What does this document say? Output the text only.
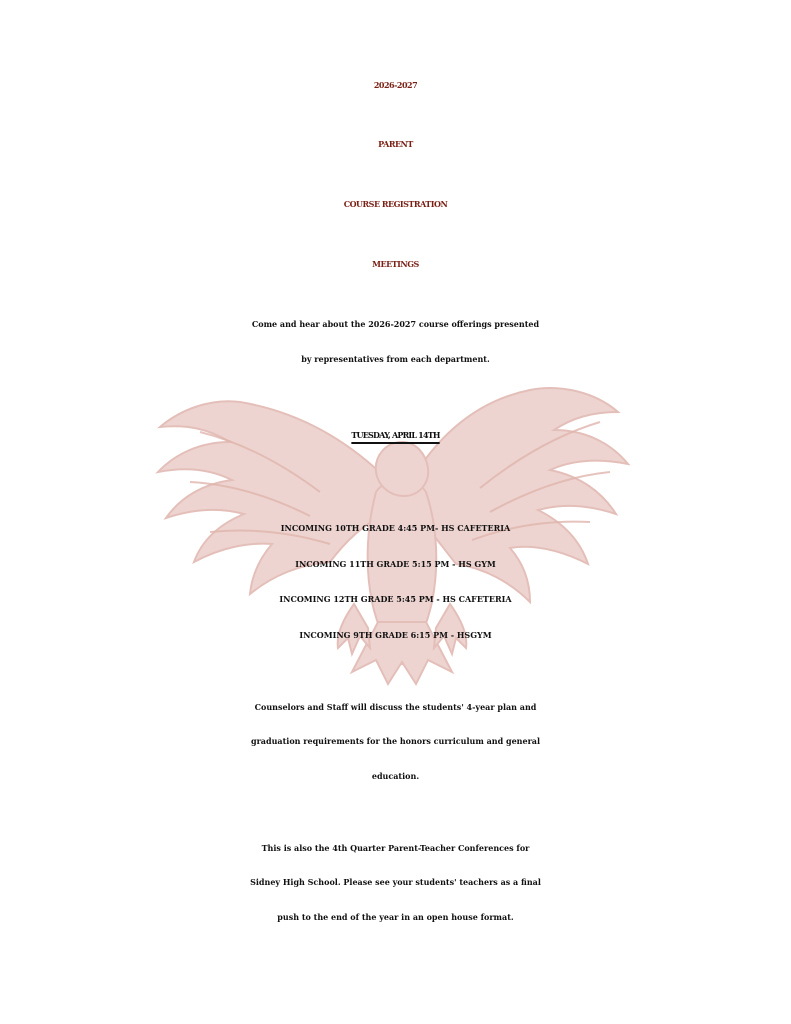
2026-2027
PARENT
COURSE REGISTRATION
MEETINGS
Come and hear about the 2026-2027 course offerings presented
by representatives from each department.
TUESDAY, APRIL 14TH
INCOMING 10TH GRADE 4:45 PM- HS CAFETERIA
INCOMING 11TH GRADE 5:15 PM - HS GYM
INCOMING 12TH GRADE 5:45 PM - HS CAFETERIA
INCOMING 9TH GRADE 6:15 PM - HSGYM
Counselors and Staff will discuss the students' 4-year plan and
graduation requirements for the honors curriculum and general
education.
This is also the 4th Quarter Parent-Teacher Conferences for
Sidney High School. Please see your students' teachers as a final
push to the end of the year in an open house format.
